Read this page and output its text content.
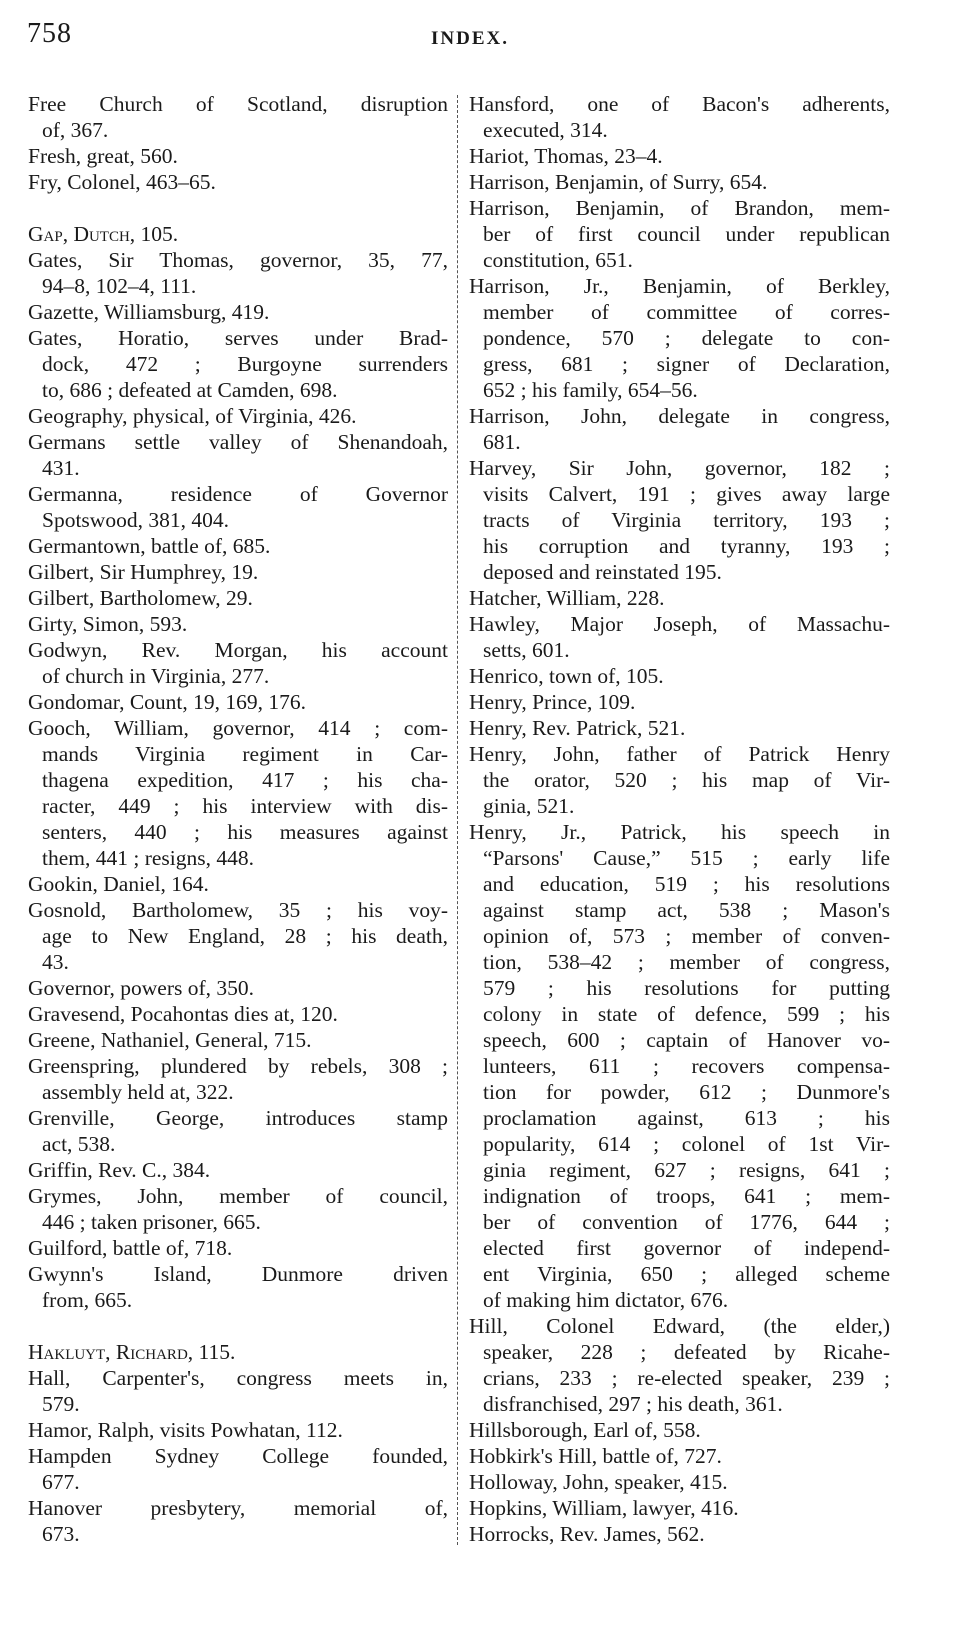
758	INDEX.
Free Church of Scotland, disruption
of, 367.
Fresh, great, 560.
Fry, Colonel, 463–65.
Gap, Dutch, 105.
Gates, Sir Thomas, governor, 35, 77,
94–8, 102–4, 111.
Gazette, Williamsburg, 419.
Gates, Horatio, serves under Brad-
dock, 472 ; Burgoyne surrenders
to, 686 ; defeated at Camden, 698.
Geography, physical, of Virginia, 426.
Germans settle valley of Shenandoah,
431.
Germanna, residence of Governor
Spotswood, 381, 404.
Germantown, battle of, 685.
Gilbert, Sir Humphrey, 19.
Gilbert, Bartholomew, 29.
Girty, Simon, 593.
Godwyn, Rev. Morgan, his account
of church in Virginia, 277.
Gondomar, Count, 19, 169, 176.
Gooch, William, governor, 414 ; com-
mands Virginia regiment in Car-
thagena expedition, 417 ; his cha-
racter, 449 ; his interview with dis-
senters, 440 ; his measures against
them, 441 ; resigns, 448.
Gookin, Daniel, 164.
Gosnold, Bartholomew, 35 ; his voy-
age to New England, 28 ; his death,
43.
Governor, powers of, 350.
Gravesend, Pocahontas dies at, 120.
Greene, Nathaniel, General, 715.
Greenspring, plundered by rebels, 308 ;
assembly held at, 322.
Grenville, George, introduces stamp
act, 538.
Griffin, Rev. C., 384.
Grymes, John, member of council,
446 ; taken prisoner, 665.
Guilford, battle of, 718.
Gwynn's Island, Dunmore driven
from, 665.
Hakluyt, Richard, 115.
Hall, Carpenter's, congress meets in,
579.
Hamor, Ralph, visits Powhatan, 112.
Hampden Sydney College founded,
677.
Hanover presbytery, memorial of,
673.
Hansford, one of Bacon's adherents,
executed, 314.
Hariot, Thomas, 23–4.
Harrison, Benjamin, of Surry, 654.
Harrison, Benjamin, of Brandon, mem-
ber of first council under republican
constitution, 651.
Harrison, Jr., Benjamin, of Berkley,
member of committee of corres-
pondence, 570 ; delegate to con-
gress, 681 ; signer of Declaration,
652 ; his family, 654–56.
Harrison, John, delegate in congress,
681.
Harvey, Sir John, governor, 182 ;
visits Calvert, 191 ; gives away large
tracts of Virginia territory, 193 ;
his corruption and tyranny, 193 ;
deposed and reinstated 195.
Hatcher, William, 228.
Hawley, Major Joseph, of Massachu-
setts, 601.
Henrico, town of, 105.
Henry, Prince, 109.
Henry, Rev. Patrick, 521.
Henry, John, father of Patrick Henry
the orator, 520 ; his map of Vir-
ginia, 521.
Henry, Jr., Patrick, his speech in
“Parsons' Cause,” 515 ; early life
and education, 519 ; his resolutions
against stamp act, 538 ; Mason's
opinion of, 573 ; member of conven-
tion, 538–42 ; member of congress,
579 ; his resolutions for putting
colony in state of defence, 599 ; his
speech, 600 ; captain of Hanover vo-
lunteers, 611 ; recovers compensa-
tion for powder, 612 ; Dunmore's
proclamation against, 613 ; his
popularity, 614 ; colonel of 1st Vir-
ginia regiment, 627 ; resigns, 641 ;
indignation of troops, 641 ; mem-
ber of convention of 1776, 644 ;
elected first governor of independ-
ent Virginia, 650 ; alleged scheme
of making him dictator, 676.
Hill, Colonel Edward, (the elder,)
speaker, 228 ; defeated by Ricahe-
crians, 233 ; re-elected speaker, 239 ;
disfranchised, 297 ; his death, 361.
Hillsborough, Earl of, 558.
Hobkirk's Hill, battle of, 727.
Holloway, John, speaker, 415.
Hopkins, William, lawyer, 416.
Horrocks, Rev. James, 562.
